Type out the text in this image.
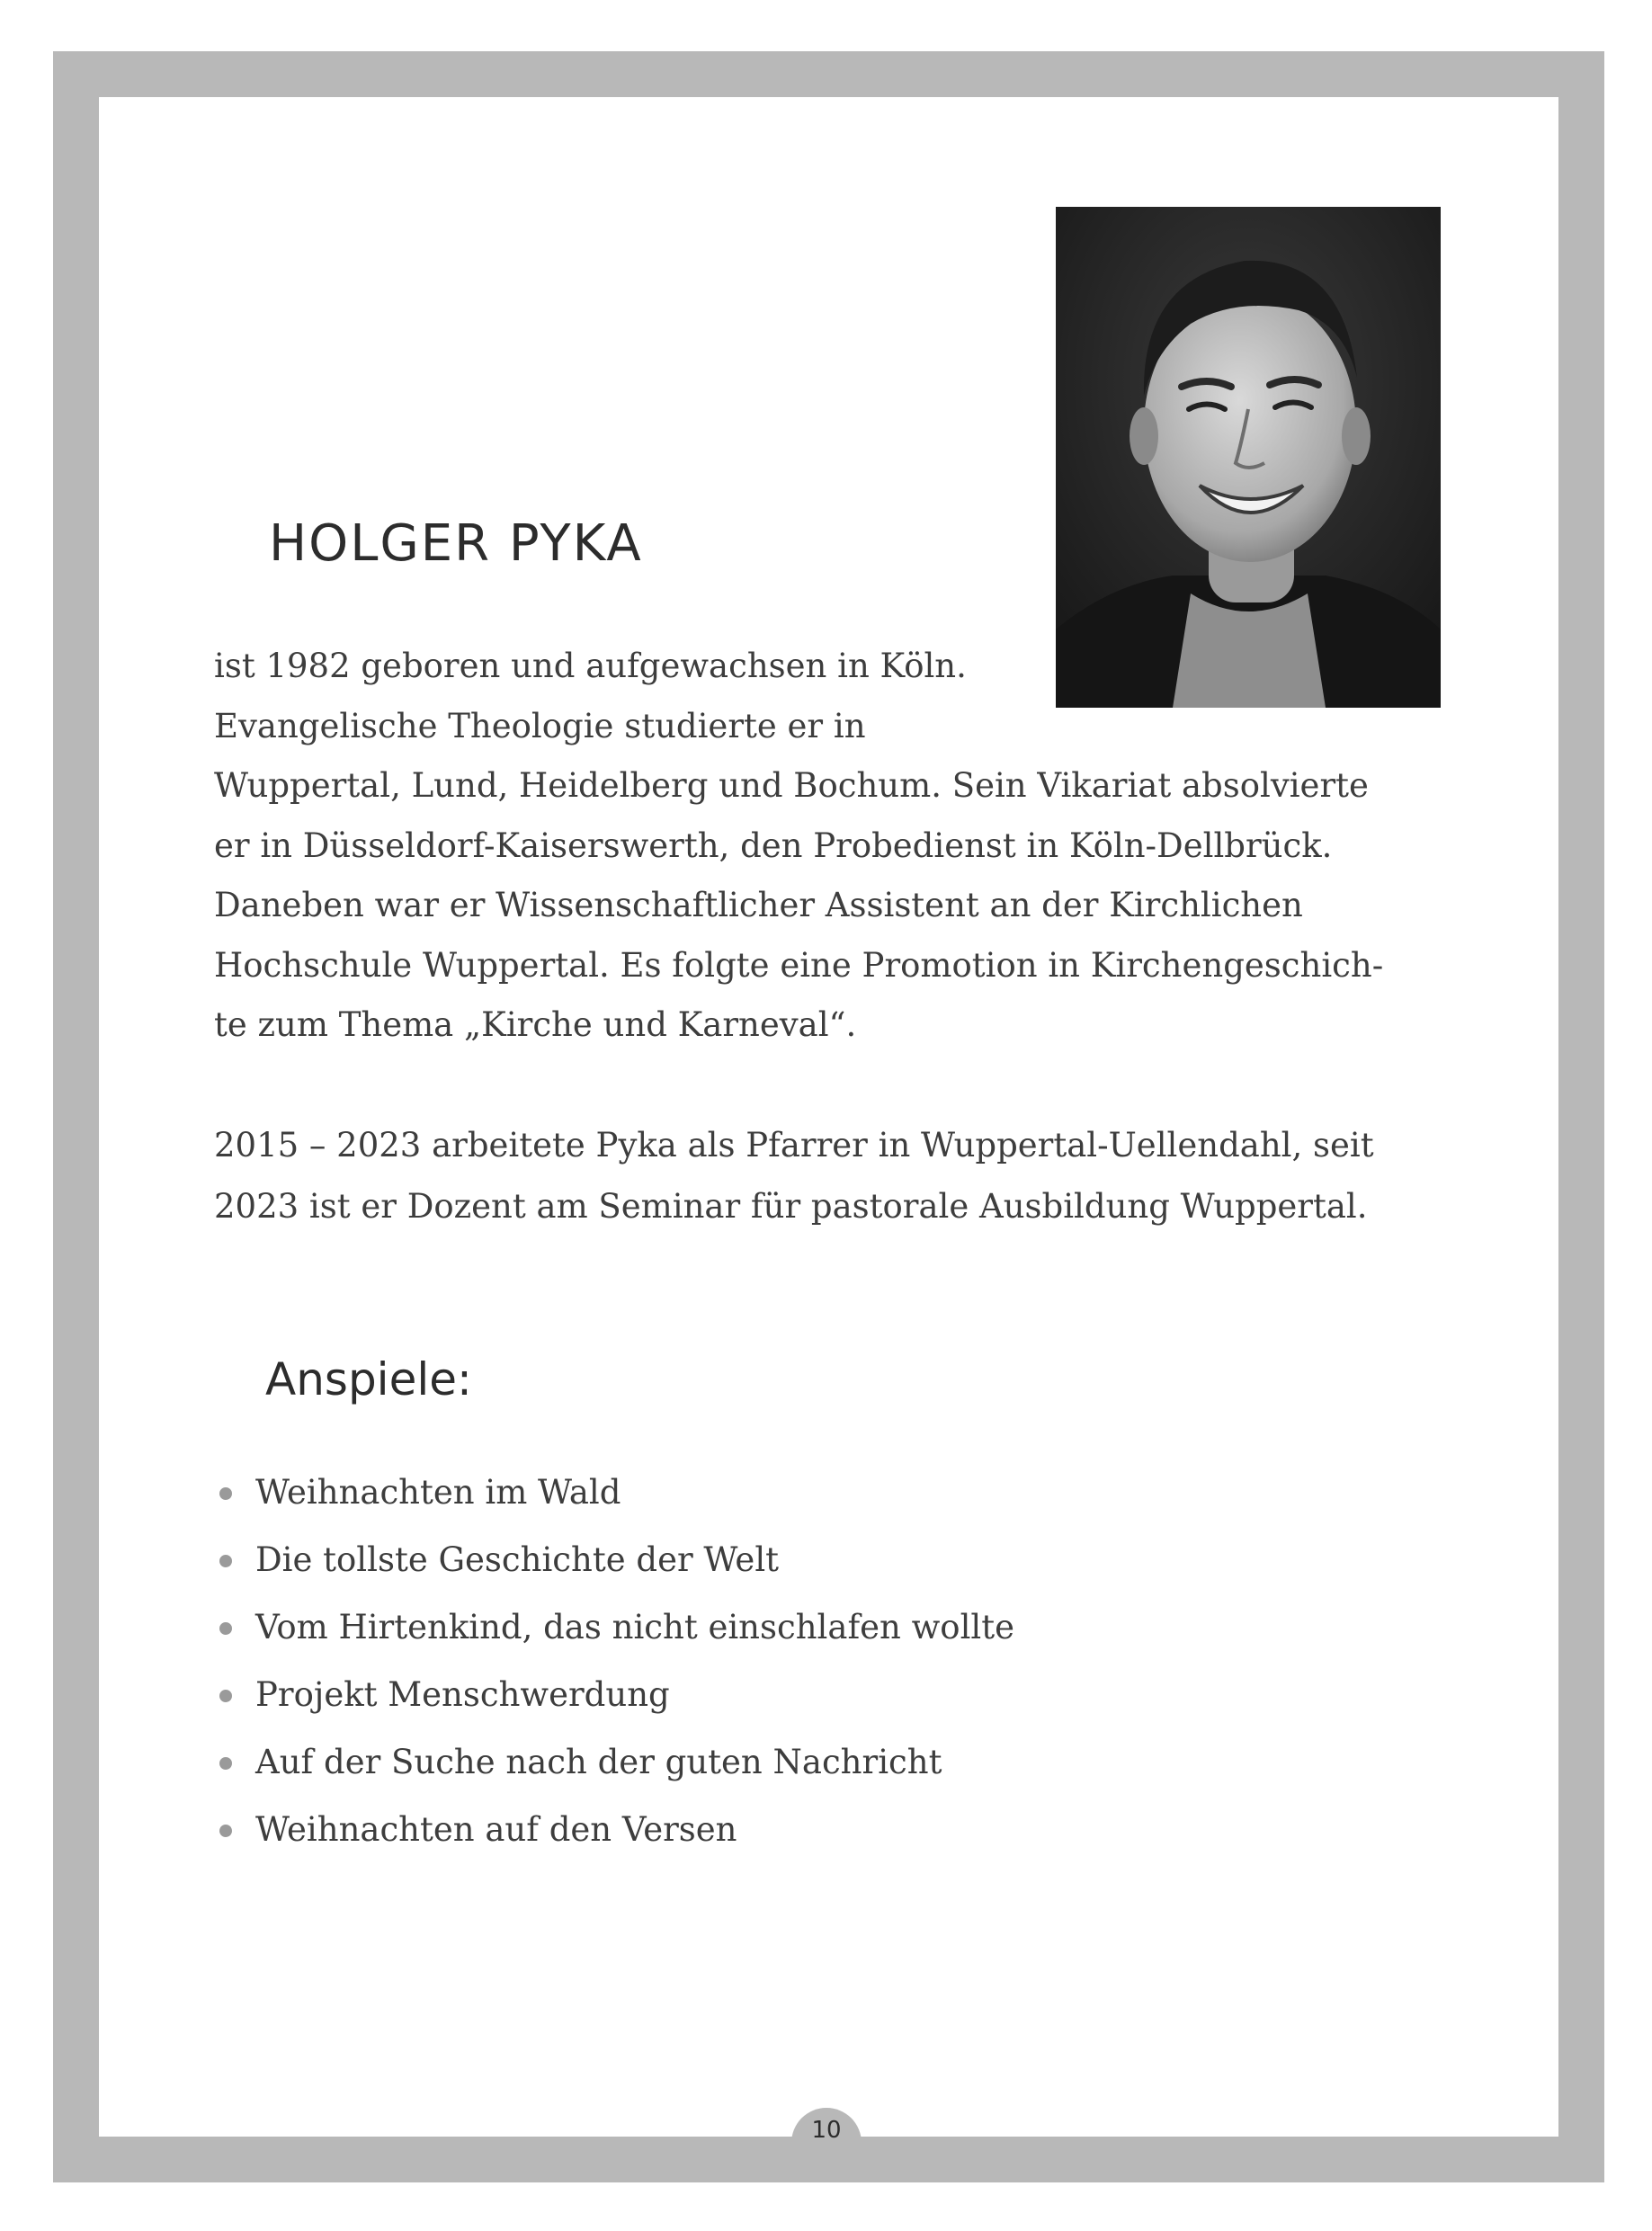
HOLGER PYKA
ist 1982 geboren und aufgewachsen in Köln.
Evangelische Theologie studierte er in
Wuppertal, Lund, Heidelberg und Bochum. Sein Vikariat absolvierte
er in Düsseldorf-Kaiserswerth, den Probedienst in Köln-Dellbrück.
Daneben war er Wissenschaftlicher Assistent an der Kirchlichen
Hochschule Wuppertal. Es folgte eine Promotion in Kirchengeschich-
te zum Thema „Kirche und Karneval“.
2015 – 2023 arbeitete Pyka als Pfarrer in Wuppertal-Uellendahl, seit
2023 ist er Dozent am Seminar für pastorale Ausbildung Wuppertal.
Anspiele:
Weihnachten im Wald
Die tollste Geschichte der Welt
Vom Hirtenkind, das nicht einschlafen wollte
Projekt Menschwerdung
Auf der Suche nach der guten Nachricht
Weihnachten auf den Versen
10
